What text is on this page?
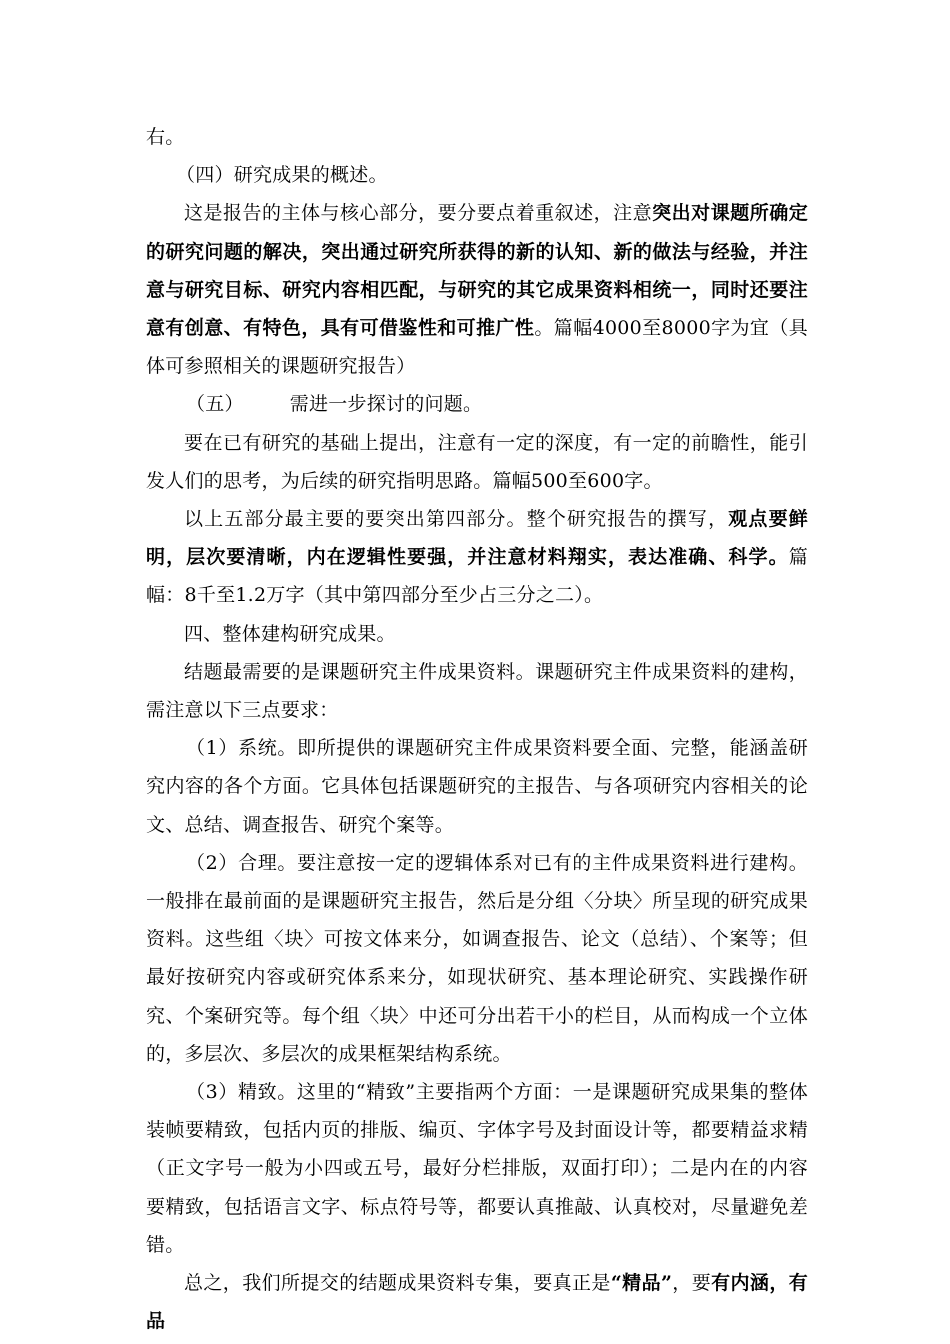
右。

（四）研究成果的概述。

这是报告的主体与核心部分，要分要点着重叙述，注意突出对课题所确定的研究问题的解决，突出通过研究所获得的新的认知、新的做法与经验，并注意与研究目标、研究内容相匹配，与研究的其它成果资料相统一，同时还要注意有创意、有特色，具有可借鉴性和可推广性。篇幅4000至8000字为宜（具体可参照相关的课题研究报告）

（五） 需进一步探讨的问题。

要在已有研究的基础上提出，注意有一定的深度，有一定的前瞻性，能引发人们的思考，为后续的研究指明思路。篇幅500至600字。

以上五部分最主要的要突出第四部分。整个研究报告的撰写，观点要鲜明，层次要清晰，内在逻辑性要强，并注意材料翔实，表达准确、科学。篇幅：8千至1.2万字（其中第四部分至少占三分之二）。

四、整体建构研究成果。

结题最需要的是课题研究主件成果资料。课题研究主件成果资料的建构，需注意以下三点要求：

（1）系统。即所提供的课题研究主件成果资料要全面、完整，能涵盖研究内容的各个方面。它具体包括课题研究的主报告、与各项研究内容相关的论文、总结、调查报告、研究个案等。

（2）合理。要注意按一定的逻辑体系对已有的主件成果资料进行建构。一般排在最前面的是课题研究主报告，然后是分组〈分块〉所呈现的研究成果资料。这些组〈块〉可按文体来分，如调查报告、论文（总结）、个案等；但最好按研究内容或研究体系来分，如现状研究、基本理论研究、实践操作研究、个案研究等。每个组〈块〉中还可分出若干小的栏目，从而构成一个立体的，多层次、多层次的成果框架结构系统。

（3）精致。这里的“精致”主要指两个方面：一是课题研究成果集的整体装帧要精致，包括内页的排版、编页、字体字号及封面设计等，都要精益求精（正文字号一般为小四或五号，最好分栏排版，双面打印）；二是内在的内容要精致，包括语言文字、标点符号等，都要认真推敲、认真校对，尽量避免差错。

总之，我们所提交的结题成果资料专集，要真正是“精品”，要有内涵，有品
